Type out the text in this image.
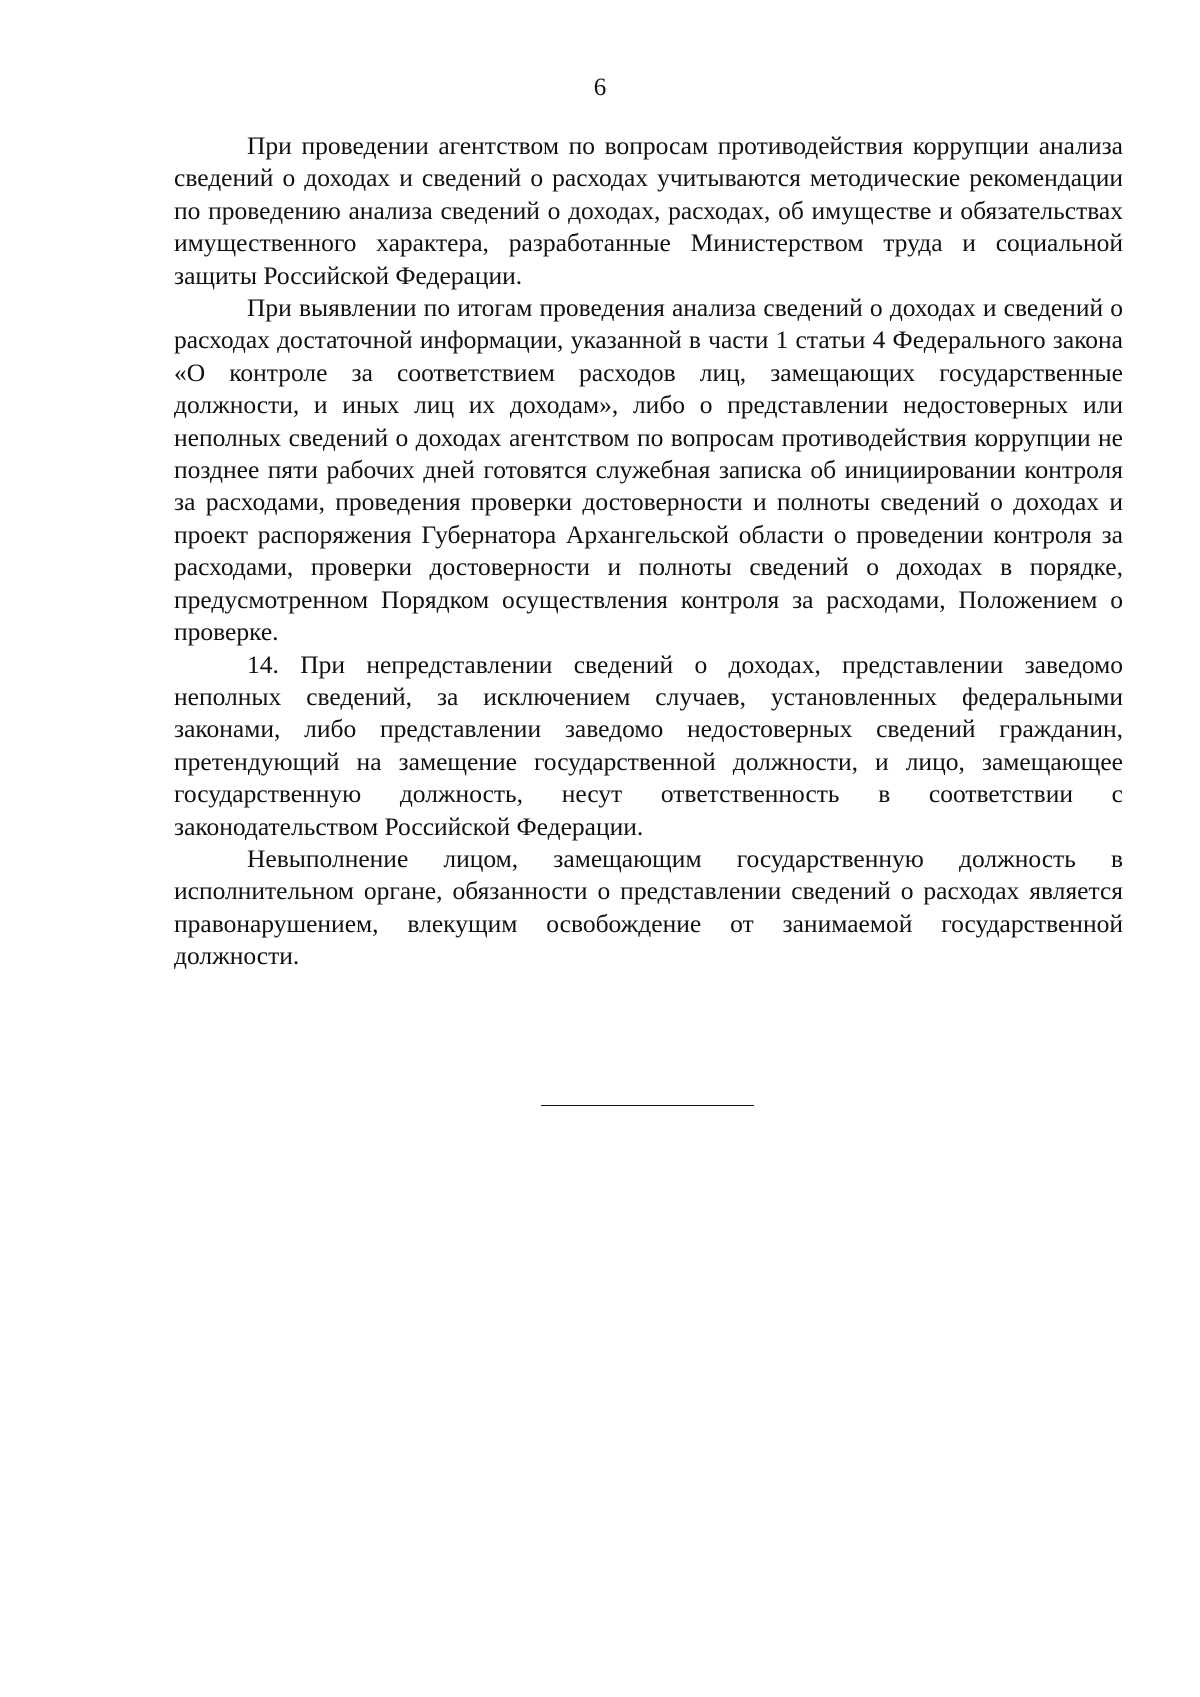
6

При проведении агентством по вопросам противодействия коррупции анализа сведений о доходах и сведений о расходах учитываются методические рекомендации по проведению анализа сведений о доходах, расходах, об имуществе и обязательствах имущественного характера, разработанные Министерством труда и социальной защиты Российской Федерации.

При выявлении по итогам проведения анализа сведений о доходах и сведений о расходах достаточной информации, указанной в части 1 статьи 4 Федерального закона «О контроле за соответствием расходов лиц, замещающих государственные должности, и иных лиц их доходам», либо о представлении недостоверных или неполных сведений о доходах агентством по вопросам противодействия коррупции не позднее пяти рабочих дней готовятся служебная записка об инициировании контроля за расходами, проведения проверки достоверности и полноты сведений о доходах и проект распоряжения Губернатора Архангельской области о проведении контроля за расходами, проверки достоверности и полноты сведений о доходах в порядке, предусмотренном Порядком осуществления контроля за расходами, Положением о проверке.

14. При непредставлении сведений о доходах, представлении заведомо неполных сведений, за исключением случаев, установленных федеральными законами, либо представлении заведомо недостоверных сведений гражданин, претендующий на замещение государственной должности, и лицо, замещающее государственную должность, несут ответственность в соответствии с законодательством Российской Федерации.

Невыполнение лицом, замещающим государственную должность в исполнительном органе, обязанности о представлении сведений о расходах является правонарушением, влекущим освобождение от занимаемой государственной должности.
